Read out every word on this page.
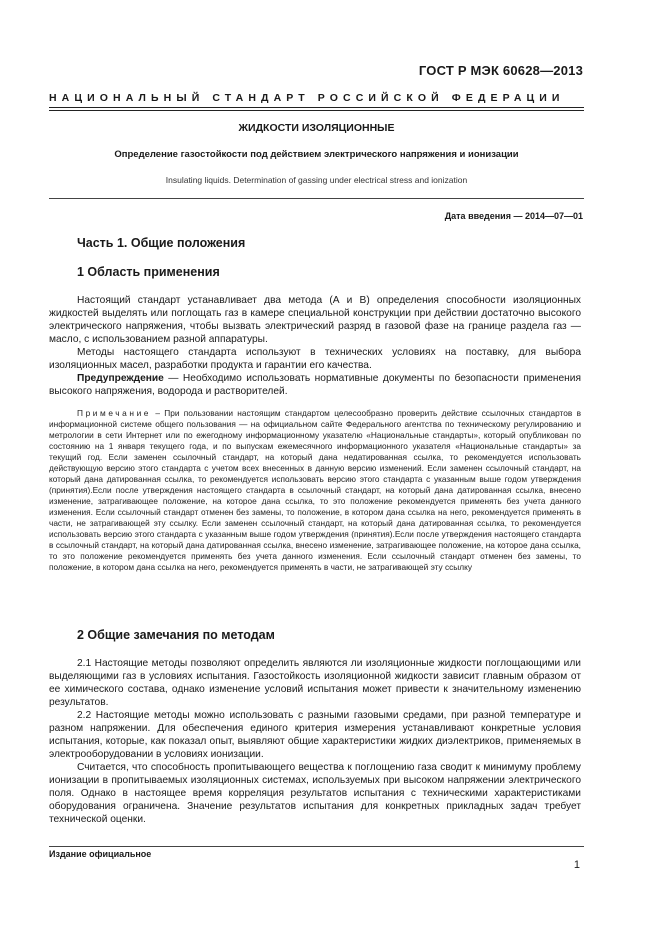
ГОСТ Р МЭК 60628—2013
НАЦИОНАЛЬНЫЙ СТАНДАРТ РОССИЙСКОЙ ФЕДЕРАЦИИ
ЖИДКОСТИ ИЗОЛЯЦИОННЫЕ
Определение газостойкости под действием электрического напряжения и ионизации
Insulating liquids. Determination of gassing under electrical stress and ionization
Дата введения — 2014—07—01
Часть 1. Общие положения
1 Область применения

Настоящий стандарт устанавливает два метода (А и В) определения способности изоляционных жидкостей выделять или поглощать газ в камере специальной конструкции при действии достаточно высокого электрического напряжения, чтобы вызвать электрический разряд в газовой фазе на границе раздела газ — масло, с использованием разной аппаратуры.

Методы настоящего стандарта используют в технических условиях на поставку, для выбора изоляционных масел, разработки продукта и гарантии его качества.

Предупреждение — Необходимо использовать нормативные документы по безопасности применения высокого напряжения, водорода и растворителей.

Примечание – При пользовании настоящим стандартом целесообразно проверить действие ссылочных стандартов в информационной системе общего пользования — на официальном сайте Федерального агентства по техническому регулированию и метрологии в сети Интернет или по ежегодному информационному указателю «Национальные стандарты», который опубликован по состоянию на 1 января текущего года, и по выпускам ежемесячного информационного указателя «Национальные стандарты» за текущий год. Если заменен ссылочный стандарт, на который дана недатированная ссылка, то рекомендуется использовать действующую версию этого стандарта с учетом всех внесенных в данную версию изменений. Если заменен ссылочный стандарт, на который дана датированная ссылка, то рекомендуется использовать версию этого стандарта с указанным выше годом утверждения (принятия).Если после утверждения настоящего стандарта в ссылочный стандарт, на который дана датированная ссылка, внесено изменение, затрагивающее положение, на которое дана ссылка, то это положение рекомендуется применять без учета данного изменения. Если ссылочный стандарт отменен без замены, то положение, в котором дана ссылка на него, рекомендуется применять в части, не затрагивающей эту ссылку. Если заменен ссылочный стандарт, на который дана датированная ссылка, то рекомендуется использовать версию этого стандарта с указанным выше годом утверждения (принятия).Если после утверждения настоящего стандарта в ссылочный стандарт, на который дана датированная ссылка, внесено изменение, затрагивающее положение, на которое дана ссылка, то это положение рекомендуется применять без учета данного изменения. Если ссылочный стандарт отменен без замены, то положение, в котором дана ссылка на него, рекомендуется применять в части, не затрагивающей эту ссылку

2 Общие замечания по методам

2.1 Настоящие методы позволяют определить являются ли изоляционные жидкости поглощающими или выделяющими газ в условиях испытания. Газостойкость изоляционной жидкости зависит главным образом от ее химического состава, однако изменение условий испытания может привести к значительному изменению результатов.

2.2 Настоящие методы можно использовать с разными газовыми средами, при разной температуре и разном напряжении. Для обеспечения единого критерия измерения устанавливают конкретные условия испытания, которые, как показал опыт, выявляют общие характеристики жидких диэлектриков, применяемых в электрооборудовании в условиях ионизации.

Считается, что способность пропитывающего вещества к поглощению газа сводит к минимуму проблему ионизации в пропитываемых изоляционных системах, используемых при высоком напряжении электрического поля. Однако в настоящее время корреляция результатов испытания с техническими характеристиками оборудования ограничена. Значение результатов испытания для конкретных прикладных задач требует технической оценки.

Издание официальное
1
